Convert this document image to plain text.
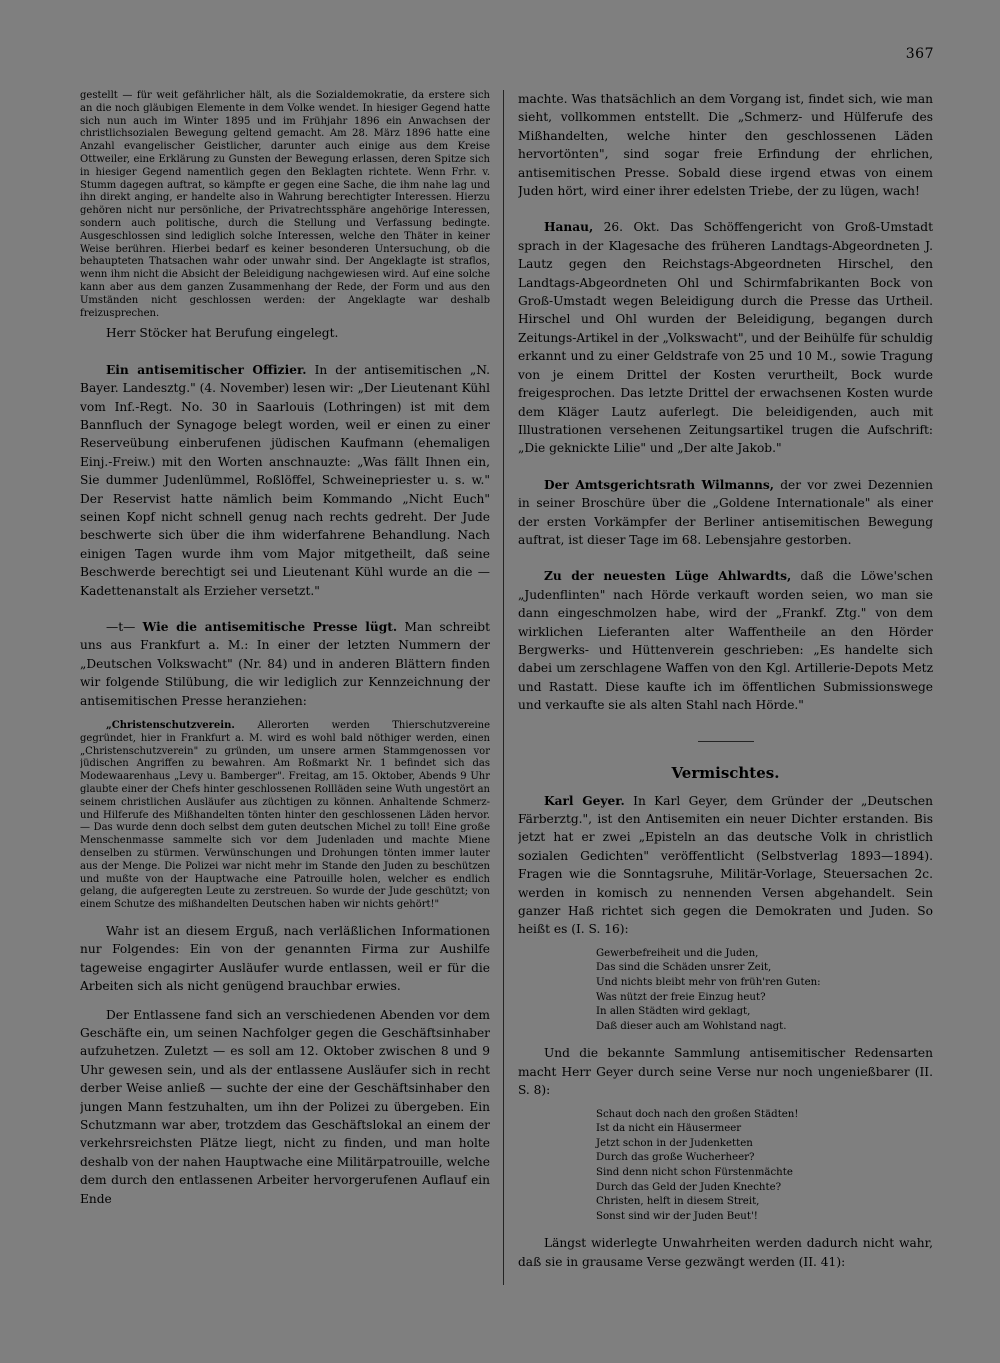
367

gestellt — für weit gefährlicher hält, als die Sozialdemokratie, da erstere sich an die noch gläubigen Elemente in dem Volke wendet. In hiesiger Gegend hatte sich nun auch im Winter 1895 und im Frühjahr 1896 ein Anwachsen der christlichsozialen Bewegung geltend gemacht. Am 28. März 1896 hatte eine Anzahl evangelischer Geistlicher, darunter auch einige aus dem Kreise Ottweiler, eine Erklärung zu Gunsten der Bewegung erlassen, deren Spitze sich in hiesiger Gegend namentlich gegen den Beklagten richtete. Wenn Frhr. v. Stumm dagegen auftrat, so kämpfte er gegen eine Sache, die ihm nahe lag und ihn direkt anging, er handelte also in Wahrung berechtigter Interessen. Hierzu gehören nicht nur persönliche, der Privatrechtssphäre angehörige Interessen, sondern auch politische, durch die Stellung und Verfassung bedingte. Ausgeschlossen sind lediglich solche Interessen, welche den Thäter in keiner Weise berühren. Hierbei bedarf es keiner besonderen Untersuchung, ob die behaupteten Thatsachen wahr oder unwahr sind. Der Angeklagte ist straflos, wenn ihm nicht die Absicht der Beleidigung nachgewiesen wird. Auf eine solche kann aber aus dem ganzen Zusammenhang der Rede, der Form und aus den Umständen nicht geschlossen werden: der Angeklagte war deshalb freizusprechen.

Herr Stöcker hat Berufung eingelegt.

Ein antisemitischer Offizier. In der antisemitischen „N. Bayer. Landesztg." (4. November) lesen wir: „Der Lieutenant Kühl vom Inf.-Regt. No. 30 in Saarlouis (Lothringen) ist mit dem Bannfluch der Synagoge belegt worden, weil er einen zu einer Reserveübung einberufenen jüdischen Kaufmann (ehemaligen Einj.-Freiw.) mit den Worten anschnauzte: „Was fällt Ihnen ein, Sie dummer Judenlümmel, Roßlöffel, Schweinepriester u. s. w." Der Reservist hatte nämlich beim Kommando „Nicht Euch" seinen Kopf nicht schnell genug nach rechts gedreht. Der Jude beschwerte sich über die ihm widerfahrene Behandlung. Nach einigen Tagen wurde ihm vom Major mitgetheilt, daß seine Beschwerde berechtigt sei und Lieutenant Kühl wurde an die — Kadettenanstalt als Erzieher versetzt."

—t— Wie die antisemitische Presse lügt. Man schreibt uns aus Frankfurt a. M.: In einer der letzten Nummern der „Deutschen Volkswacht" (Nr. 84) und in anderen Blättern finden wir folgende Stilübung, die wir lediglich zur Kennzeichnung der antisemitischen Presse heranziehen:

„Christenschutzverein. Allerorten werden Thierschutzvereine gegründet, hier in Frankfurt a. M. wird es wohl bald nöthiger werden, einen „Christenschutzverein" zu gründen, um unsere armen Stammgenossen vor jüdischen Angriffen zu bewahren. Am Roßmarkt Nr. 1 befindet sich das Modewaarenhaus „Levy u. Bamberger". Freitag, am 15. Oktober, Abends 9 Uhr glaubte einer der Chefs hinter geschlossenen Rollläden seine Wuth ungestört an seinem christlichen Ausläufer aus züchtigen zu können. Anhaltende Schmerz- und Hilferufe des Mißhandelten tönten hinter den geschlossenen Läden hervor. — Das wurde denn doch selbst dem guten deutschen Michel zu toll! Eine große Menschenmasse sammelte sich vor dem Judenladen und machte Miene denselben zu stürmen. Verwünschungen und Drohungen tönten immer lauter aus der Menge. Die Polizei war nicht mehr im Stande den Juden zu beschützen und mußte von der Hauptwache eine Patrouille holen, welcher es endlich gelang, die aufgeregten Leute zu zerstreuen. So wurde der Jude geschützt; von einem Schutze des mißhandelten Deutschen haben wir nichts gehört!"

Wahr ist an diesem Erguß, nach verläßlichen Informationen nur Folgendes: Ein von der genannten Firma zur Aushilfe tageweise engagirter Ausläufer wurde entlassen, weil er für die Arbeiten sich als nicht genügend brauchbar erwies.

Der Entlassene fand sich an verschiedenen Abenden vor dem Geschäfte ein, um seinen Nachfolger gegen die Geschäftsinhaber aufzuhetzen. Zuletzt — es soll am 12. Oktober zwischen 8 und 9 Uhr gewesen sein, und als der entlassene Ausläufer sich in recht derber Weise anließ — suchte der eine der Geschäftsinhaber den jungen Mann festzuhalten, um ihn der Polizei zu übergeben. Ein Schutzmann war aber, trotzdem das Geschäftslokal an einem der verkehrsreichsten Plätze liegt, nicht zu finden, und man holte deshalb von der nahen Hauptwache eine Militärpatrouille, welche dem durch den entlassenen Arbeiter hervorgerufenen Auflauf ein Ende

machte. Was thatsächlich an dem Vorgang ist, findet sich, wie man sieht, vollkommen entstellt. Die „Schmerz- und Hülferufe des Mißhandelten, welche hinter den geschlossenen Läden hervortönten", sind sogar freie Erfindung der ehrlichen, antisemitischen Presse. Sobald diese irgend etwas von einem Juden hört, wird einer ihrer edelsten Triebe, der zu lügen, wach!

Hanau, 26. Okt. Das Schöffengericht von Groß-Umstadt sprach in der Klagesache des früheren Landtags-Abgeordneten J. Lautz gegen den Reichstags-Abgeordneten Hirschel, den Landtags-Abgeordneten Ohl und Schirmfabrikanten Bock von Groß-Umstadt wegen Beleidigung durch die Presse das Urtheil. Hirschel und Ohl wurden der Beleidigung, begangen durch Zeitungs-Artikel in der „Volkswacht", und der Beihülfe für schuldig erkannt und zu einer Geldstrafe von 25 und 10 M., sowie Tragung von je einem Drittel der Kosten verurtheilt, Bock wurde freigesprochen. Das letzte Drittel der erwachsenen Kosten wurde dem Kläger Lautz auferlegt. Die beleidigenden, auch mit Illustrationen versehenen Zeitungsartikel trugen die Aufschrift: „Die geknickte Lilie" und „Der alte Jakob."

Der Amtsgerichtsrath Wilmanns, der vor zwei Dezennien in seiner Broschüre über die „Goldene Internationale" als einer der ersten Vorkämpfer der Berliner antisemitischen Bewegung auftrat, ist dieser Tage im 68. Lebensjahre gestorben.

Zu der neuesten Lüge Ahlwardts, daß die Löwe'schen „Judenflinten" nach Hörde verkauft worden seien, wo man sie dann eingeschmolzen habe, wird der „Frankf. Ztg." von dem wirklichen Lieferanten alter Waffentheile an den Hörder Bergwerks- und Hüttenverein geschrieben: „Es handelte sich dabei um zerschlagene Waffen von den Kgl. Artillerie-Depots Metz und Rastatt. Diese kaufte ich im öffentlichen Submissionswege und verkaufte sie als alten Stahl nach Hörde."

Vermischtes.

Karl Geyer. In Karl Geyer, dem Gründer der „Deutschen Färberztg.", ist den Antisemiten ein neuer Dichter erstanden. Bis jetzt hat er zwei „Episteln an das deutsche Volk in christlich sozialen Gedichten" veröffentlicht (Selbstverlag 1893—1894). Fragen wie die Sonntagsruhe, Militär-Vorlage, Steuersachen 2c. werden in komisch zu nennenden Versen abgehandelt. Sein ganzer Haß richtet sich gegen die Demokraten und Juden. So heißt es (I. S. 16):

Gewerbefreiheit und die Juden,
Das sind die Schäden unsrer Zeit,
Und nichts bleibt mehr von früh'ren Guten:
Was nützt der freie Einzug heut?
In allen Städten wird geklagt,
Daß dieser auch am Wohlstand nagt.

Und die bekannte Sammlung antisemitischer Redensarten macht Herr Geyer durch seine Verse nur noch ungenießbarer (II. S. 8):

Schaut doch nach den großen Städten!
Ist da nicht ein Häusermeer
Jetzt schon in der Judenketten
Durch das große Wucherheer?
Sind denn nicht schon Fürstenmächte
Durch das Geld der Juden Knechte?
Christen, helft in diesem Streit,
Sonst sind wir der Juden Beut'!

Längst widerlegte Unwahrheiten werden dadurch nicht wahr, daß sie in grausame Verse gezwängt werden (II. 41):
